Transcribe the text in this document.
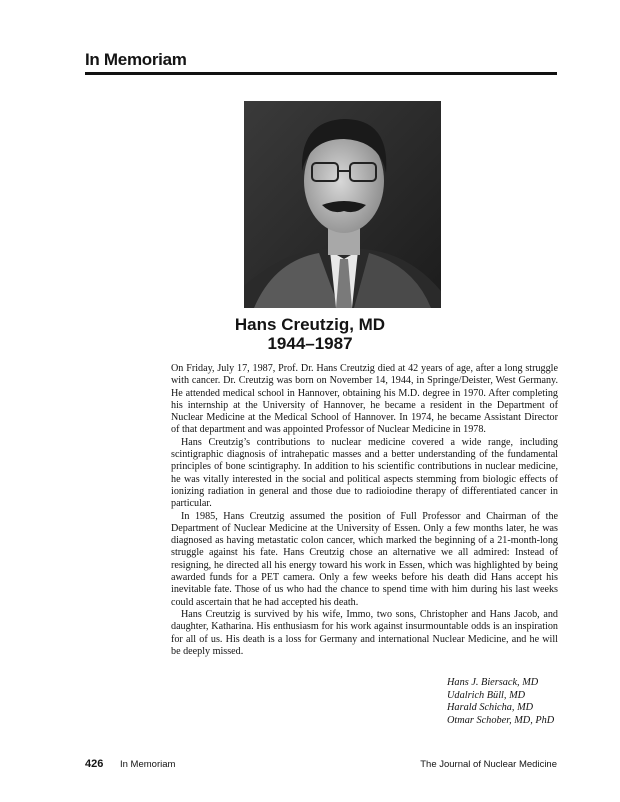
In Memoriam
Hans Creutzig, MD
1944–1987

On Friday, July 17, 1987, Prof. Dr. Hans Creutzig died at 42 years of age, after a long struggle with cancer. Dr. Creutzig was born on November 14, 1944, in Springe/Deister, West Germany. He attended medical school in Hannover, obtaining his M.D. degree in 1970. After completing his internship at the University of Hannover, he became a resident in the Department of Nuclear Medicine at the Medical School of Hannover. In 1974, he became Assistant Director of that department and was appointed Professor of Nuclear Medicine in 1978.

Hans Creutzig’s contributions to nuclear medicine covered a wide range, including scintigraphic diagnosis of intrahepatic masses and a better understanding of the fundamental principles of bone scintigraphy. In addition to his scientific contributions in nuclear medicine, he was vitally interested in the social and political aspects stemming from biologic effects of ionizing radiation in general and those due to radioiodine therapy of differentiated cancer in particular.

In 1985, Hans Creutzig assumed the position of Full Professor and Chairman of the Department of Nuclear Medicine at the University of Essen. Only a few months later, he was diagnosed as having metastatic colon cancer, which marked the beginning of a 21-month-long struggle against his fate. Hans Creutzig chose an alternative we all admired: Instead of resigning, he directed all his energy toward his work in Essen, which was highlighted by being awarded funds for a PET camera. Only a few weeks before his death did Hans accept his inevitable fate. Those of us who had the chance to spend time with him during his last weeks could ascertain that he had accepted his death.

Hans Creutzig is survived by his wife, Immo, two sons, Christopher and Hans Jacob, and daughter, Katharina. His enthusiasm for his work against insurmountable odds is an inspiration for all of us. His death is a loss for Germany and international Nuclear Medicine, and he will be deeply missed.

Hans J. Biersack, MD
Udalrich Büll, MD
Harald Schicha, MD
Otmar Schober, MD, PhD
426 In Memoriam	The Journal of Nuclear Medicine
